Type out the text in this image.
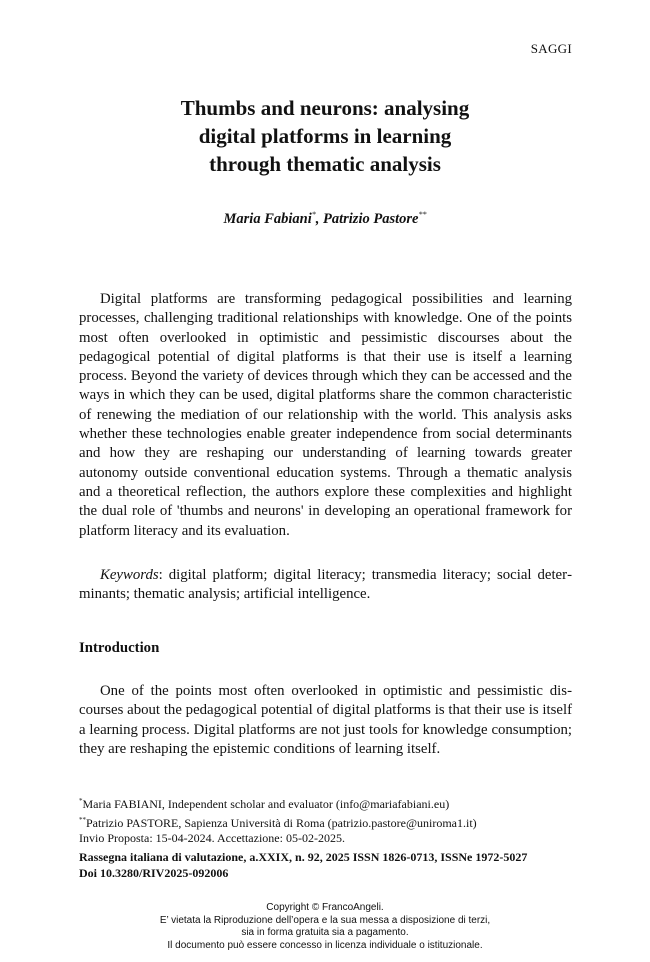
SAGGI
Thumbs and neurons: analysing
digital platforms in learning
through thematic analysis
Maria Fabiani*, Patrizio Pastore**

Digital platforms are transforming pedagogical possibilities and learning processes, challenging traditional relationships with knowledge. One of the points most often overlooked in optimistic and pessimistic discourses about the pedagogical potential of digital platforms is that their use is itself a learning process. Beyond the variety of devices through which they can be accessed and the ways in which they can be used, digital platforms share the common characteristic of renewing the mediation of our relationship with the world. This analysis asks whether these technologies enable greater independence from social determinants and how they are reshaping our understanding of learning towards greater autonomy outside conventional education systems. Through a thematic analysis and a theoretical reflection, the authors explore these complexities and highlight the dual role of 'thumbs and neurons' in developing an operational framework for platform literacy and its evaluation.

Keywords: digital platform; digital literacy; transmedia literacy; social determinants; thematic analysis; artificial intelligence.

Introduction

One of the points most often overlooked in optimistic and pessimistic discourses about the pedagogical potential of digital platforms is that their use is itself a learning process. Digital platforms are not just tools for knowledge consumption; they are reshaping the epistemic conditions of learning itself.

*Maria FABIANI, Independent scholar and evaluator (info@mariafabiani.eu)
**Patrizio PASTORE, Sapienza Università di Roma (patrizio.pastore@uniroma1.it)
Invio Proposta: 15-04-2024. Accettazione: 05-02-2025.
Rassegna italiana di valutazione, a.XXIX, n. 92, 2025 ISSN 1826-0713, ISSNe 1972-5027
Doi 10.3280/RIV2025-092006
Copyright © FrancoAngeli.
E’ vietata la Riproduzione dell’opera e la sua messa a disposizione di terzi,
sia in forma gratuita sia a pagamento.
Il documento può essere concesso in licenza individuale o istituzionale.
